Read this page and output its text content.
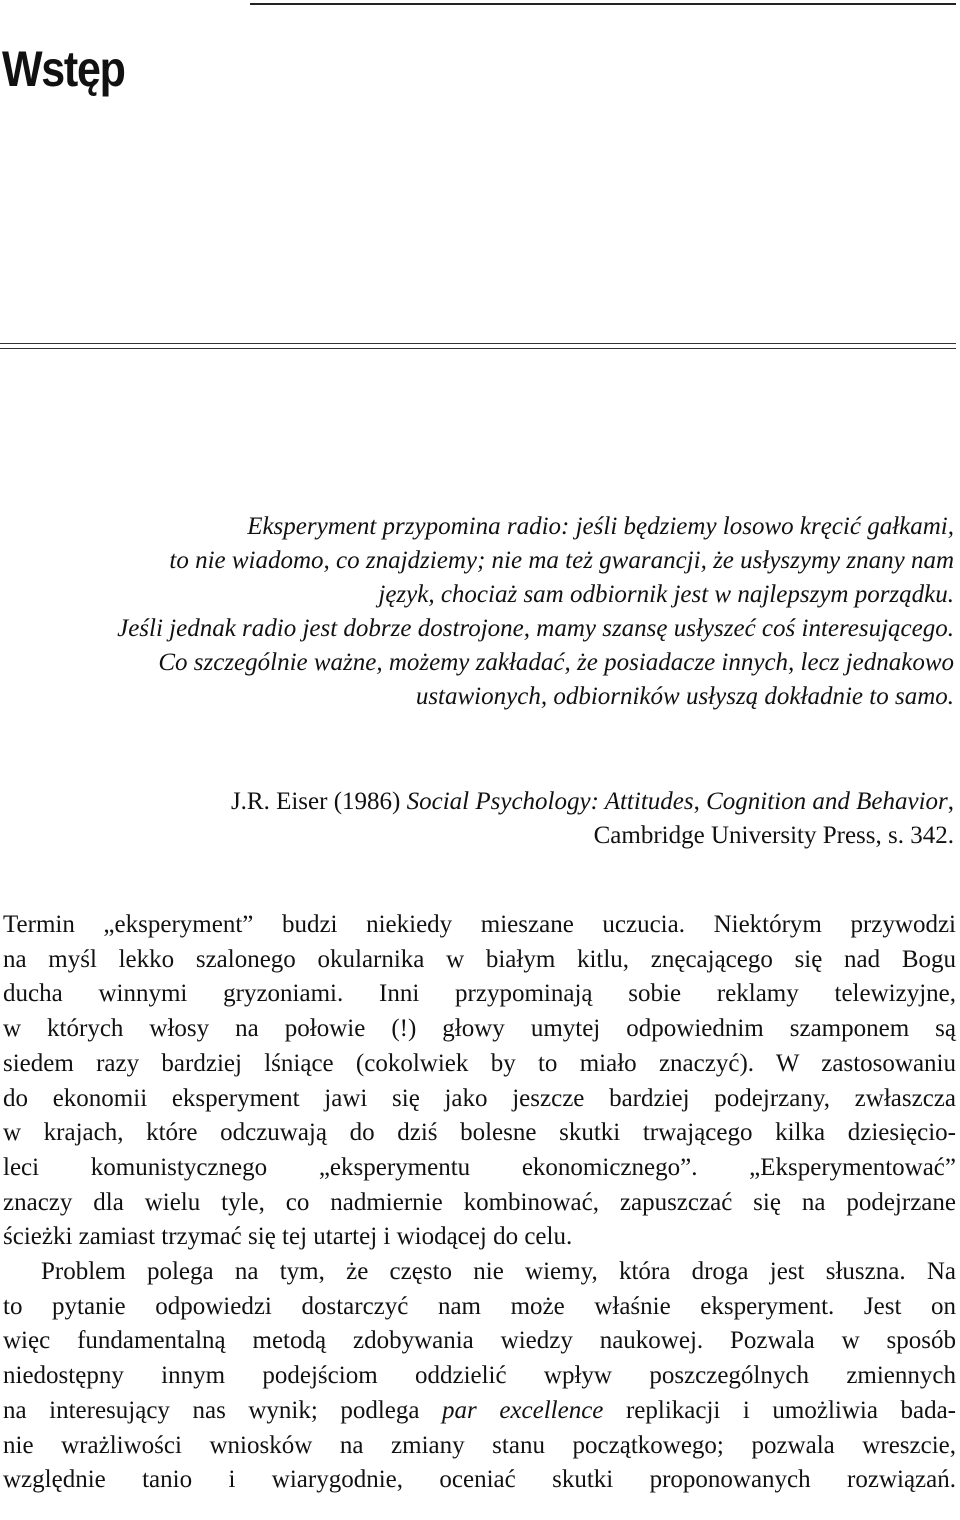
Wstęp
Eksperyment przypomina radio: jeśli będziemy losowo kręcić gałkami,
to nie wiadomo, co znajdziemy; nie ma też gwarancji, że usłyszymy znany nam
język, chociaż sam odbiornik jest w najlepszym porządku.
Jeśli jednak radio jest dobrze dostrojone, mamy szansę usłyszeć coś interesującego.
Co szczególnie ważne, możemy zakładać, że posiadacze innych, lecz jednakowo
ustawionych, odbiorników usłyszą dokładnie to samo.
J.R. Eiser (1986) Social Psychology: Attitudes, Cognition and Behavior,
Cambridge University Press, s. 342.
Termin „eksperyment” budzi niekiedy mieszane uczucia. Niektórym przywodzi
na myśl lekko szalonego okularnika w białym kitlu, znęcającego się nad Bogu
ducha winnymi gryzoniami. Inni przypominają sobie reklamy telewizyjne,
w których włosy na połowie (!) głowy umytej odpowiednim szamponem są
siedem razy bardziej lśniące (cokolwiek by to miało znaczyć). W zastosowaniu
do ekonomii eksperyment jawi się jako jeszcze bardziej podejrzany, zwłaszcza
w krajach, które odczuwają do dziś bolesne skutki trwającego kilka dziesięcio-
leci komunistycznego „eksperymentu ekonomicznego”. „Eksperymentować”
znaczy dla wielu tyle, co nadmiernie kombinować, zapuszczać się na podejrzane
ścieżki zamiast trzymać się tej utartej i wiodącej do celu.
Problem polega na tym, że często nie wiemy, która droga jest słuszna. Na
to pytanie odpowiedzi dostarczyć nam może właśnie eksperyment. Jest on
więc fundamentalną metodą zdobywania wiedzy naukowej. Pozwala w sposób
niedostępny innym podejściom oddzielić wpływ poszczególnych zmiennych
na interesujący nas wynik; podlega par excellence replikacji i umożliwia bada-
nie wrażliwości wniosków na zmiany stanu początkowego; pozwala wreszcie,
względnie tanio i wiarygodnie, oceniać skutki proponowanych rozwiązań.
